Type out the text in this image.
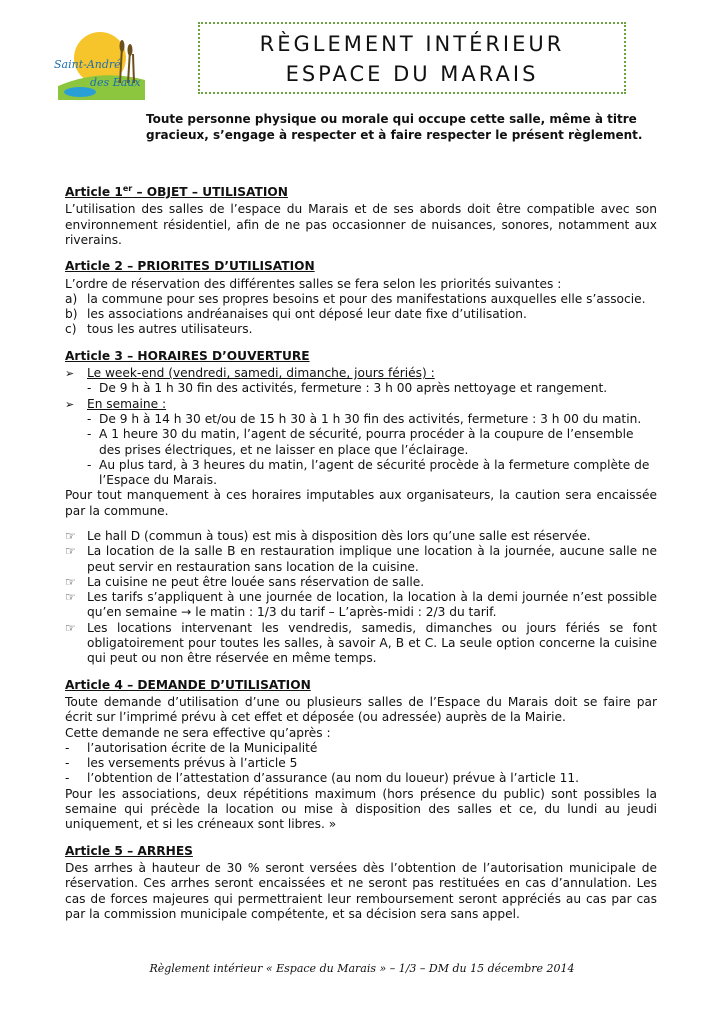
Saint-André
des Eaux
RÈGLEMENT INTÉRIEUR
ESPACE DU MARAIS
Toute personne physique ou morale qui occupe cette salle, même à titre gracieux, s’engage à respecter et à faire respecter le présent règlement.
Article 1er – OBJET – UTILISATION

L’utilisation des salles de l’espace du Marais et de ses abords doit être compatible avec son environnement résidentiel, afin de ne pas occasionner de nuisances, sonores, notamment aux riverains.

Article 2 – PRIORITES D’UTILISATION

L’ordre de réservation des différentes salles se fera selon les priorités suivantes :

a) la commune pour ses propres besoins et pour des manifestations auxquelles elle s’associe.
b) les associations andréanaises qui ont déposé leur date fixe d’utilisation.
c) tous les autres utilisateurs.
Article 3 – HORAIRES D’OUVERTURE
➢	Le week-end (vendredi, samedi, dimanche, jours fériés) :
- De 9 h à 1 h 30 fin des activités, fermeture : 3 h 00 après nettoyage et rangement.
➢	En semaine :
- De 9 h à 14 h 30 et/ou de 15 h 30 à 1 h 30 fin des activités, fermeture : 3 h 00 du matin.
- A 1 heure 30 du matin, l’agent de sécurité, pourra procéder à la coupure de l’ensemble des prises électriques, et ne laisser en place que l’éclairage.
- Au plus tard, à 3 heures du matin, l’agent de sécurité procède à la fermeture complète de l’Espace du Marais.

Pour tout manquement à ces horaires imputables aux organisateurs, la caution sera encaissée par la commune.

☞ Le hall D (commun à tous) est mis à disposition dès lors qu’une salle est réservée.
☞ La location de la salle B en restauration implique une location à la journée, aucune salle ne peut servir en restauration sans location de la cuisine.
☞ La cuisine ne peut être louée sans réservation de salle.
☞ Les tarifs s’appliquent à une journée de location, la location à la demi journée n’est possible qu’en semaine → le matin : 1/3 du tarif – L’après-midi : 2/3 du tarif.
☞ Les locations intervenant les vendredis, samedis, dimanches ou jours fériés se font obligatoirement pour toutes les salles, à savoir A, B et C. La seule option concerne la cuisine qui peut ou non être réservée en même temps.
Article 4 – DEMANDE D’UTILISATION

Toute demande d’utilisation d’une ou plusieurs salles de l’Espace du Marais doit se faire par écrit sur l’imprimé prévu à cet effet et déposée (ou adressée) auprès de la Mairie.

Cette demande ne sera effective qu’après :

-	l’autorisation écrite de la Municipalité
-	les versements prévus à l’article 5
-	l’obtention de l’attestation d’assurance (au nom du loueur) prévue à l’article 11.

Pour les associations, deux répétitions maximum (hors présence du public) sont possibles la semaine qui précède la location ou mise à disposition des salles et ce, du lundi au jeudi uniquement, et si les créneaux sont libres. »

Article 5 – ARRHES

Des arrhes à hauteur de 30 % seront versées dès l’obtention de l’autorisation municipale de réservation. Ces arrhes seront encaissées et ne seront pas restituées en cas d’annulation. Les cas de forces majeures qui permettraient leur remboursement seront appréciés au cas par cas par la commission municipale compétente, et sa décision sera sans appel.

Règlement intérieur « Espace du Marais » – 1/3 – DM du 15 décembre 2014
